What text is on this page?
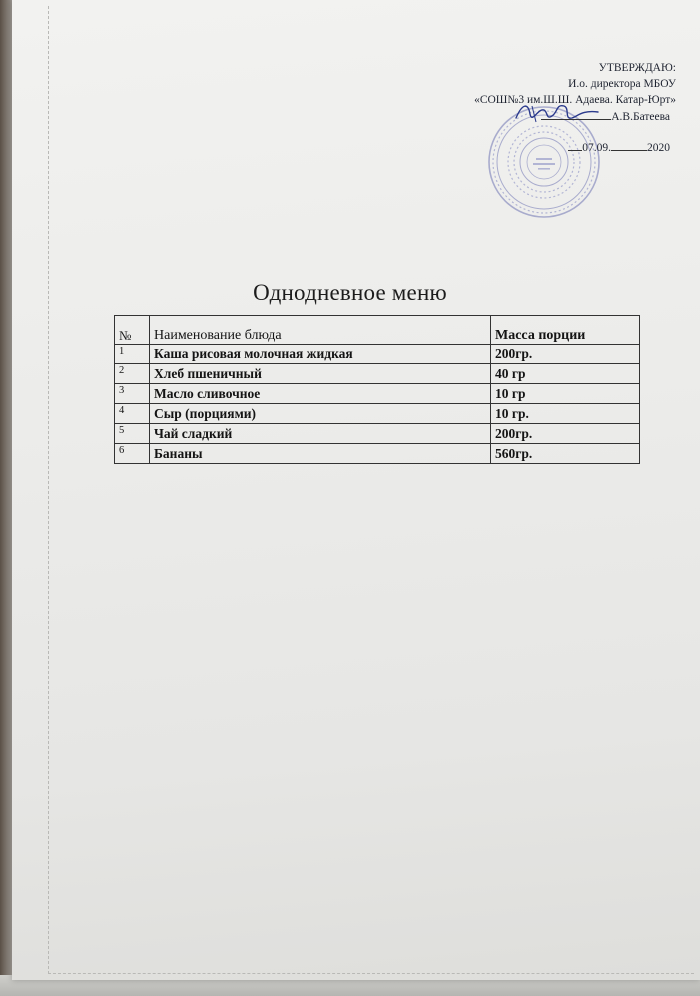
УТВЕРЖДАЮ:
И.о. директора МБОУ
«СОШ№3 им.Ш.Ш. Адаева. Катар-Юрт»
А.В.Батеева
07.09.	2020
Однодневное меню
№	Наименование блюда	Масса порции
1	Каша рисовая молочная жидкая	200гр.
2	Хлеб пшеничный	40 гр
3	Масло сливочное	10 гр
4	Сыр (порциями)	10 гр.
5	Чай сладкий	200гр.
6	Бананы	560гр.
